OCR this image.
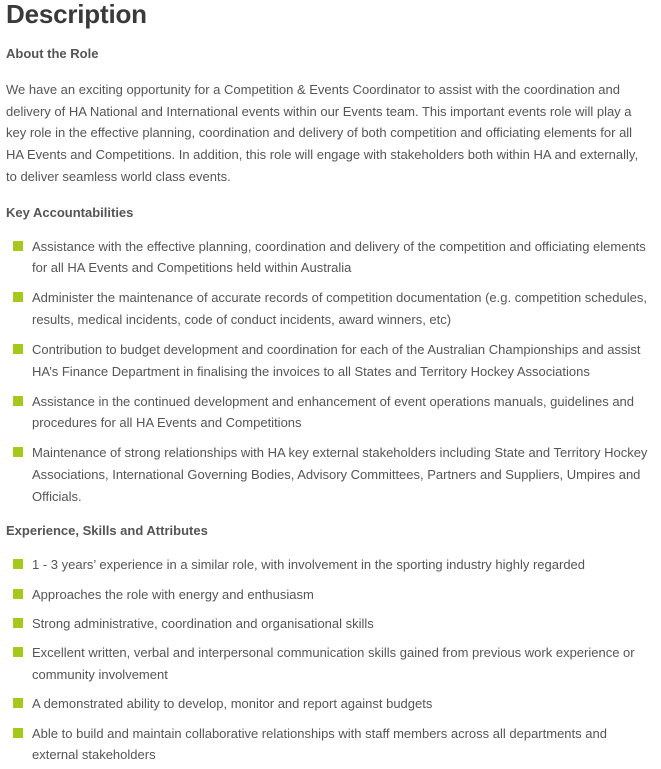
Description
About the Role

We have an exciting opportunity for a Competition & Events Coordinator to assist with the coordination and delivery of HA National and International events within our Events team. This important events role will play a key role in the effective planning, coordination and delivery of both competition and officiating elements for all HA Events and Competitions. In addition, this role will engage with stakeholders both within HA and externally, to deliver seamless world class events.

Key Accountabilities
Assistance with the effective planning, coordination and delivery of the competition and officiating elements for all HA Events and Competitions held within Australia
Administer the maintenance of accurate records of competition documentation (e.g. competition schedules, results, medical incidents, code of conduct incidents, award winners, etc)
Contribution to budget development and coordination for each of the Australian Championships and assist HA’s Finance Department in finalising the invoices to all States and Territory Hockey Associations
Assistance in the continued development and enhancement of event operations manuals, guidelines and procedures for all HA Events and Competitions
Maintenance of strong relationships with HA key external stakeholders including State and Territory Hockey Associations, International Governing Bodies, Advisory Committees, Partners and Suppliers, Umpires and Officials.
Experience, Skills and Attributes
1 - 3 years’ experience in a similar role, with involvement in the sporting industry highly regarded
Approaches the role with energy and enthusiasm
Strong administrative, coordination and organisational skills
Excellent written, verbal and interpersonal communication skills gained from previous work experience or community involvement
A demonstrated ability to develop, monitor and report against budgets
Able to build and maintain collaborative relationships with staff members across all departments and external stakeholders
